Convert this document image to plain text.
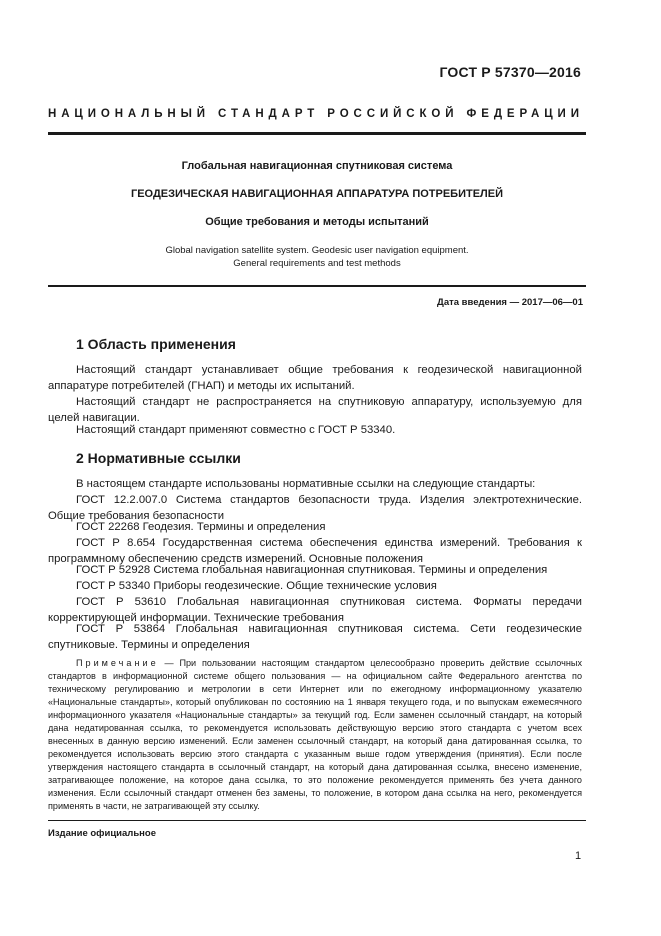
ГОСТ Р 57370—2016
НАЦИОНАЛЬНЫЙ СТАНДАРТ РОССИЙСКОЙ ФЕДЕРАЦИИ
Глобальная навигационная спутниковая система
ГЕОДЕЗИЧЕСКАЯ НАВИГАЦИОННАЯ АППАРАТУРА ПОТРЕБИТЕЛЕЙ
Общие требования и методы испытаний
Global navigation satellite system. Geodesic user navigation equipment.
General requirements and test methods
Дата введения — 2017—06—01
1 Область применения

Настоящий стандарт устанавливает общие требования к геодезической навигационной аппаратуре потребителей (ГНАП) и методы их испытаний.

Настоящий стандарт не распространяется на спутниковую аппаратуру, используемую для целей навигации.

Настоящий стандарт применяют совместно с ГОСТ Р 53340.

2 Нормативные ссылки

В настоящем стандарте использованы нормативные ссылки на следующие стандарты:

ГОСТ 12.2.007.0 Система стандартов безопасности труда. Изделия электротехнические. Общие требования безопасности

ГОСТ 22268 Геодезия. Термины и определения

ГОСТ Р 8.654 Государственная система обеспечения единства измерений. Требования к программному обеспечению средств измерений. Основные положения

ГОСТ Р 52928 Система глобальная навигационная спутниковая. Термины и определения

ГОСТ Р 53340 Приборы геодезические. Общие технические условия

ГОСТ Р 53610 Глобальная навигационная спутниковая система. Форматы передачи корректирующей информации. Технические требования

ГОСТ Р 53864 Глобальная навигационная спутниковая система. Сети геодезические спутниковые. Термины и определения

Примечание — При пользовании настоящим стандартом целесообразно проверить действие ссылочных стандартов в информационной системе общего пользования — на официальном сайте Федерального агентства по техническому регулированию и метрологии в сети Интернет или по ежегодному информационному указателю «Национальные стандарты», который опубликован по состоянию на 1 января текущего года, и по выпускам ежемесячного информационного указателя «Национальные стандарты» за текущий год. Если заменен ссылочный стандарт, на который дана недатированная ссылка, то рекомендуется использовать действующую версию этого стандарта с учетом всех внесенных в данную версию изменений. Если заменен ссылочный стандарт, на который дана датированная ссылка, то рекомендуется использовать версию этого стандарта с указанным выше годом утверждения (принятия). Если после утверждения настоящего стандарта в ссылочный стандарт, на который дана датированная ссылка, внесено изменение, затрагивающее положение, на которое дана ссылка, то это положение рекомендуется применять без учета данного изменения. Если ссылочный стандарт отменен без замены, то положение, в котором дана ссылка на него, рекомендуется применять в части, не затрагивающей эту ссылку.

Издание официальное
1
